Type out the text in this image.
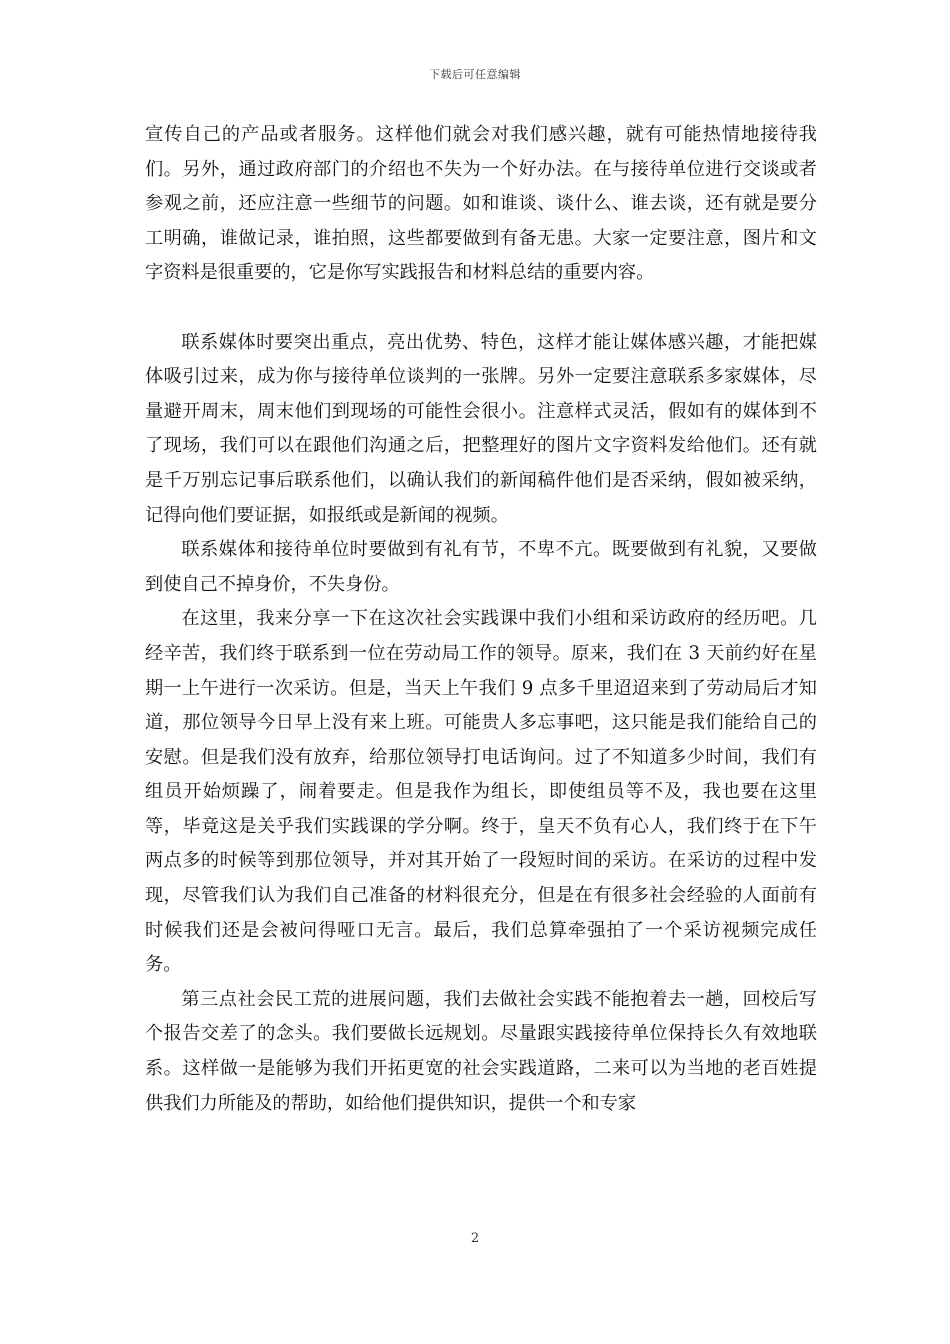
下载后可任意编辑

宣传自己的产品或者服务。这样他们就会对我们感兴趣，就有可能热情地接待我们。另外，通过政府部门的介绍也不失为一个好办法。在与接待单位进行交谈或者参观之前，还应注意一些细节的问题。如和谁谈、谈什么、谁去谈，还有就是要分工明确，谁做记录，谁拍照，这些都要做到有备无患。大家一定要注意，图片和文字资料是很重要的，它是你写实践报告和材料总结的重要内容。

联系媒体时要突出重点，亮出优势、特色，这样才能让媒体感兴趣，才能把媒体吸引过来，成为你与接待单位谈判的一张牌。另外一定要注意联系多家媒体，尽量避开周末，周末他们到现场的可能性会很小。注意样式灵活，假如有的媒体到不了现场，我们可以在跟他们沟通之后，把整理好的图片文字资料发给他们。还有就是千万别忘记事后联系他们，以确认我们的新闻稿件他们是否采纳，假如被采纳，记得向他们要证据，如报纸或是新闻的视频。

联系媒体和接待单位时要做到有礼有节，不卑不亢。既要做到有礼貌，又要做到使自己不掉身价，不失身份。

在这里，我来分享一下在这次社会实践课中我们小组和采访政府的经历吧。几经辛苦，我们终于联系到一位在劳动局工作的领导。原来，我们在 3 天前约好在星期一上午进行一次采访。但是，当天上午我们 9 点多千里迢迢来到了劳动局后才知道，那位领导今日早上没有来上班。可能贵人多忘事吧，这只能是我们能给自己的安慰。但是我们没有放弃，给那位领导打电话询问。过了不知道多少时间，我们有组员开始烦躁了，闹着要走。但是我作为组长，即使组员等不及，我也要在这里等，毕竟这是关乎我们实践课的学分啊。终于，皇天不负有心人，我们终于在下午两点多的时候等到那位领导，并对其开始了一段短时间的采访。在采访的过程中发现，尽管我们认为我们自己准备的材料很充分，但是在有很多社会经验的人面前有时候我们还是会被问得哑口无言。最后，我们总算牵强拍了一个采访视频完成任务。

第三点社会民工荒的进展问题，我们去做社会实践不能抱着去一趟，回校后写个报告交差了的念头。我们要做长远规划。尽量跟实践接待单位保持长久有效地联系。这样做一是能够为我们开拓更宽的社会实践道路，二来可以为当地的老百姓提供我们力所能及的帮助，如给他们提供知识，提供一个和专家

2
